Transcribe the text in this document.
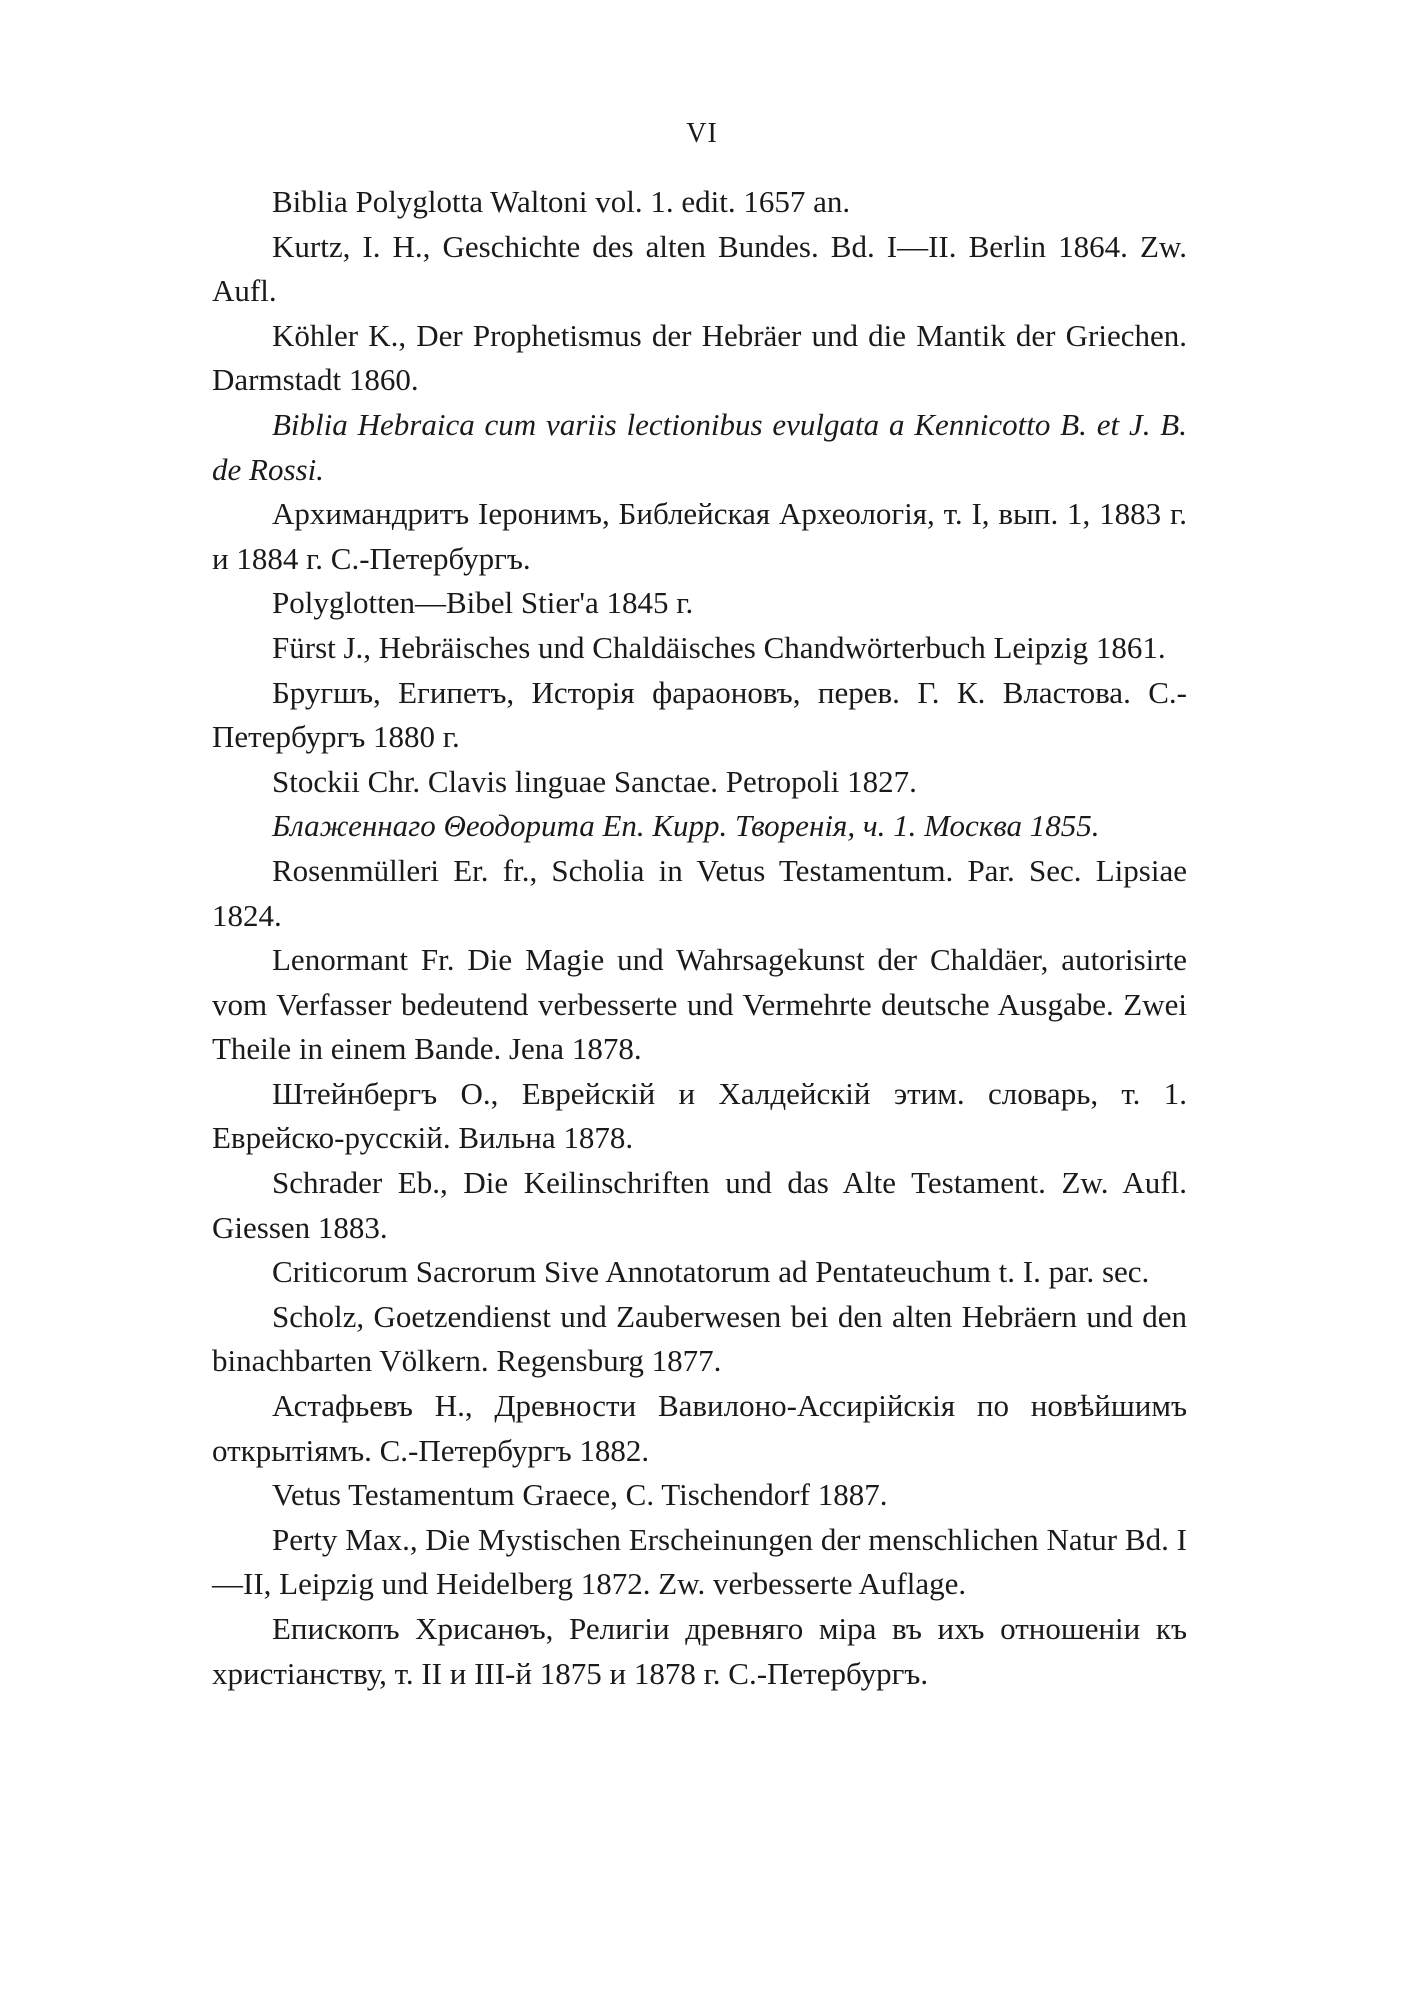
VI

Biblia Polyglotta Waltoni vol. 1. edit. 1657 an.

Kurtz, I. H., Geschichte des alten Bundes. Bd. I—II. Berlin 1864. Zw. Aufl.

Köhler K., Der Prophetismus der Hebräer und die Mantik der Griechen. Darmstadt 1860.

Biblia Hebraica cum variis lectionibus evulgata a Kennicotto B. et J. B. de Rossi.

Архимандритъ Іеронимъ, Библейская Археологія, т. I, вып. 1, 1883 г. и 1884 г. С.-Петербургъ.

Polyglotten—Bibel Stier'a 1845 г.

Fürst J., Hebräisches und Chaldäisches Chandwörterbuch Leipzig 1861.

Бругшъ, Египетъ, Исторія фараоновъ, перев. Г. К. Властова. С.-Петербургъ 1880 г.

Stockii Chr. Clavis linguae Sanctae. Petropoli 1827.

Блаженнаго Θеодорита Еп. Кирр. Творенія, ч. 1. Москва 1855.

Rosenmülleri Er. fr., Scholia in Vetus Testamentum. Par. Sec. Lipsiae 1824.

Lenormant Fr. Die Magie und Wahrsagekunst der Chaldäer, autorisirte vom Verfasser bedeutend verbesserte und Vermehrte deutsche Ausgabe. Zwei Theile in einem Bande. Jena 1878.

Штейнбергъ О., Еврейскій и Халдейскій этим. словарь, т. 1. Еврейско-русскій. Вильна 1878.

Schrader Eb., Die Keilinschriften und das Alte Testament. Zw. Aufl. Giessen 1883.

Criticorum Sacrorum Sive Annotatorum ad Pentateuchum t. I. par. sec.

Scholz, Goetzendienst und Zauberwesen bei den alten Hebräern und den binachbarten Völkern. Regensburg 1877.

Астафьевъ Н., Древности Вавилоно-Ассирійскія по новѣйшимъ открытіямъ. С.-Петербургъ 1882.

Vetus Testamentum Graece, C. Tischendorf 1887.

Perty Max., Die Mystischen Erscheinungen der menschlichen Natur Bd. I—II, Leipzig und Heidelberg 1872. Zw. verbesserte Auflage.

Епископъ Хрисанѳъ, Религіи древняго міра въ ихъ отношеніи къ христіанству, т. II и III-й 1875 и 1878 г. С.-Петербургъ.
